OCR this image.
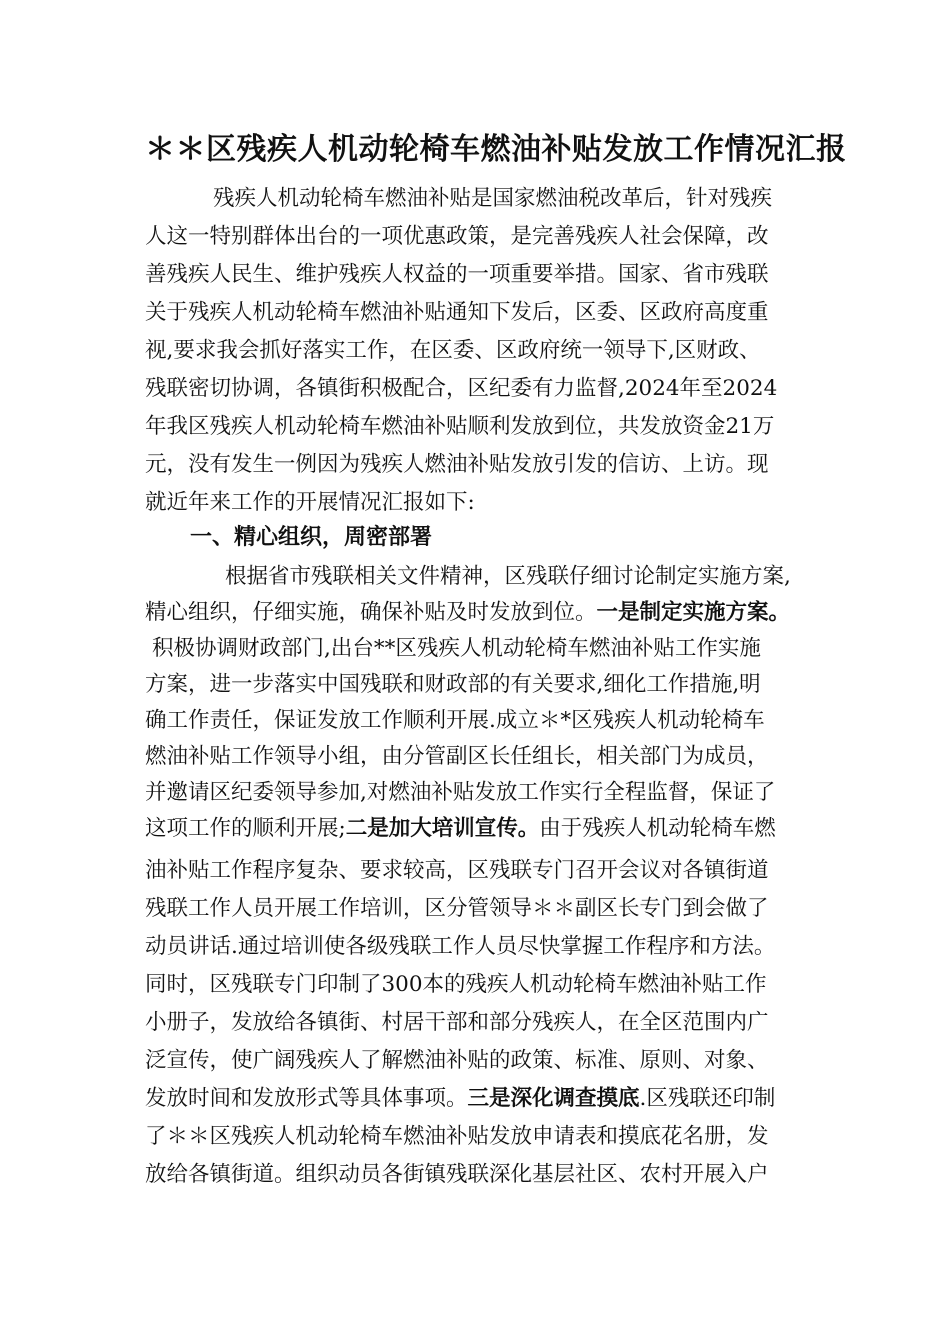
＊＊区残疾人机动轮椅车燃油补贴发放工作情况汇报
残疾人机动轮椅车燃油补贴是国家燃油税改革后，针对残疾
人这一特别群体出台的一项优惠政策，是完善残疾人社会保障，改
善残疾人民生、维护残疾人权益的一项重要举措。国家、省市残联
关于残疾人机动轮椅车燃油补贴通知下发后，区委、区政府高度重
视,要求我会抓好落实工作，在区委、区政府统一领导下,区财政、
残联密切协调，各镇街积极配合，区纪委有力监督,2024年至2024
年我区残疾人机动轮椅车燃油补贴顺利发放到位，共发放资金21万
元，没有发生一例因为残疾人燃油补贴发放引发的信访、上访。现
就近年来工作的开展情况汇报如下:
一、精心组织，周密部署
根据省市残联相关文件精神，区残联仔细讨论制定实施方案,
精心组织，仔细实施，确保补贴及时发放到位。一是制定实施方案。
积极协调财政部门,出台**区残疾人机动轮椅车燃油补贴工作实施
方案，进一步落实中国残联和财政部的有关要求,细化工作措施,明
确工作责任，保证发放工作顺利开展.成立＊*区残疾人机动轮椅车
燃油补贴工作领导小组，由分管副区长任组长，相关部门为成员，
并邀请区纪委领导参加,对燃油补贴发放工作实行全程监督，保证了
这项工作的顺利开展;二是加大培训宣传。由于残疾人机动轮椅车燃
油补贴工作程序复杂、要求较高，区残联专门召开会议对各镇街道
残联工作人员开展工作培训，区分管领导＊＊副区长专门到会做了
动员讲话.通过培训使各级残联工作人员尽快掌握工作程序和方法。
同时，区残联专门印制了300本的残疾人机动轮椅车燃油补贴工作
小册子，发放给各镇街、村居干部和部分残疾人，在全区范围内广
泛宣传，使广阔残疾人了解燃油补贴的政策、标准、原则、对象、
发放时间和发放形式等具体事项。三是深化调查摸底.区残联还印制
了＊＊区残疾人机动轮椅车燃油补贴发放申请表和摸底花名册，发
放给各镇街道。组织动员各街镇残联深化基层社区、农村开展入户
